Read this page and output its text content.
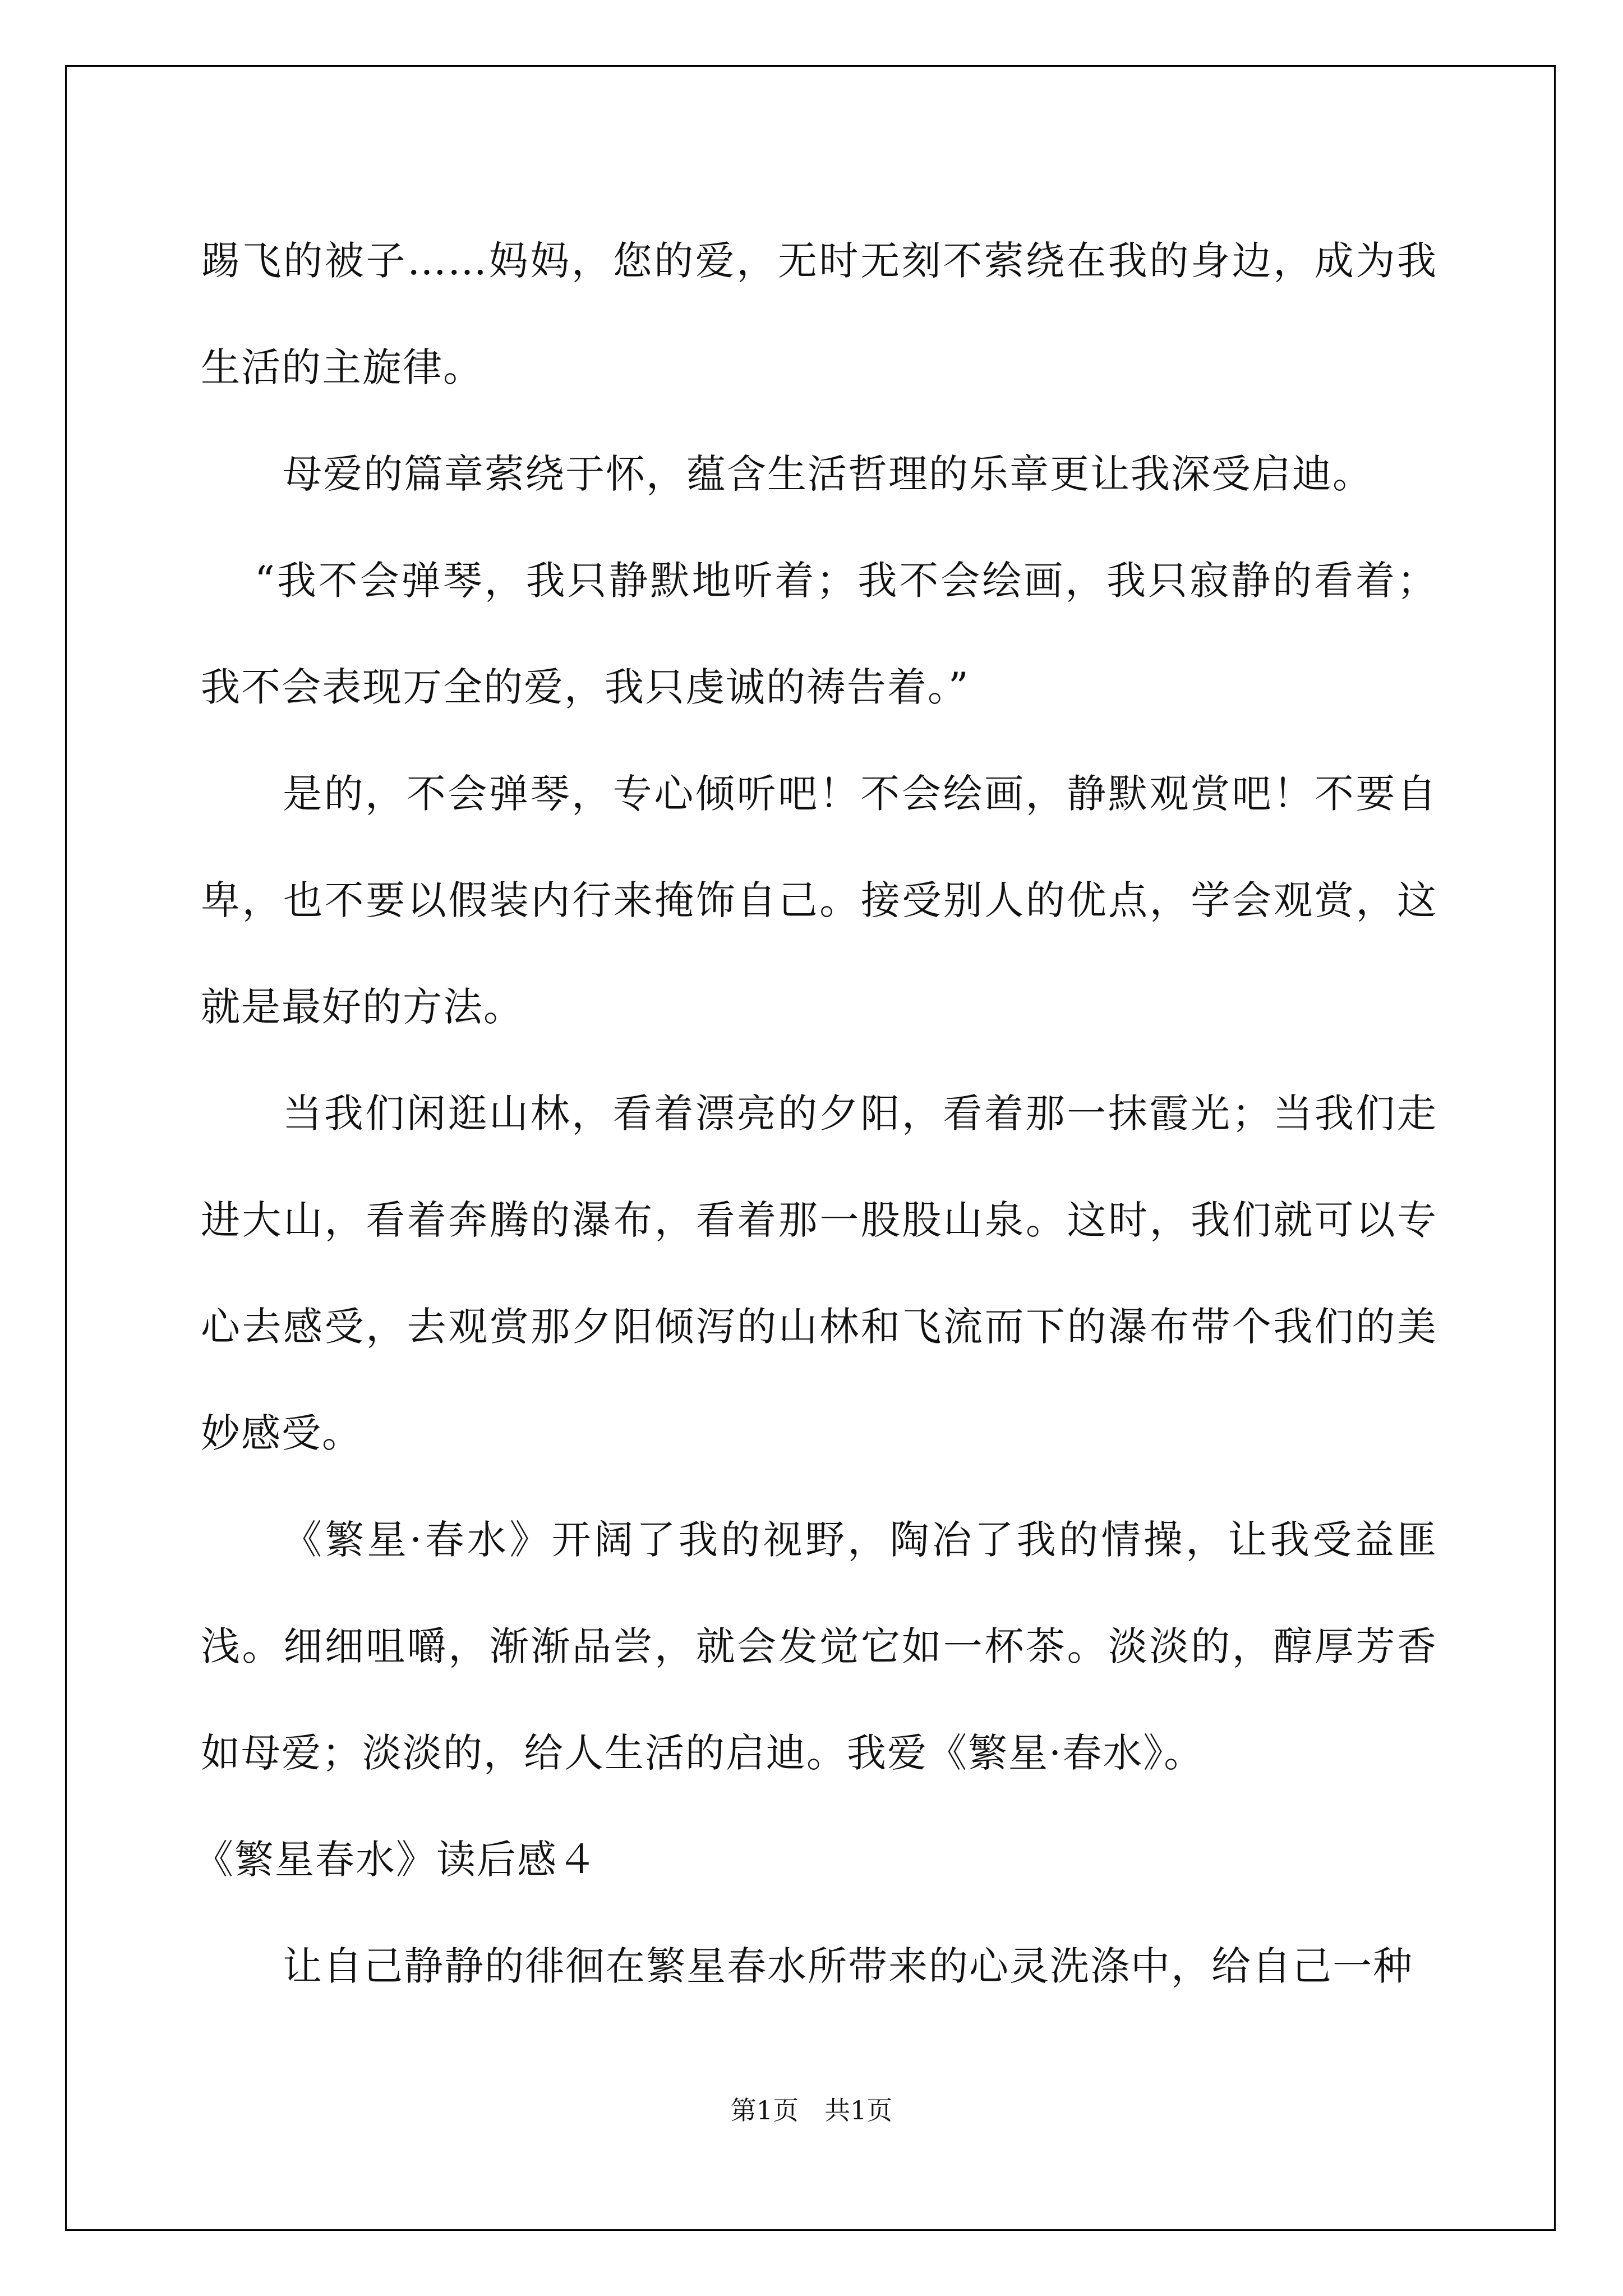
踢飞的被子……妈妈，您的爱，无时无刻不萦绕在我的身边，成为我生活的主旋律。

母爱的篇章萦绕于怀，蕴含生活哲理的乐章更让我深受启迪。

“我不会弹琴，我只静默地听着；我不会绘画，我只寂静的看着；我不会表现万全的爱，我只虔诚的祷告着。”

是的，不会弹琴，专心倾听吧！不会绘画，静默观赏吧！不要自卑，也不要以假装内行来掩饰自己。接受别人的优点，学会观赏，这就是最好的方法。

当我们闲逛山林，看着漂亮的夕阳，看着那一抹霞光；当我们走进大山，看着奔腾的瀑布，看着那一股股山泉。这时，我们就可以专心去感受，去观赏那夕阳倾泻的山林和飞流而下的瀑布带个我们的美妙感受。

《繁星·春水》开阔了我的视野，陶冶了我的情操，让我受益匪浅。细细咀嚼，渐渐品尝，就会发觉它如一杯茶。淡淡的，醇厚芳香如母爱；淡淡的，给人生活的启迪。我爱《繁星·春水》。

《繁星春水》读后感４

让自己静静的徘徊在繁星春水所带来的心灵洗涤中，给自己一种

第1页 共1页
